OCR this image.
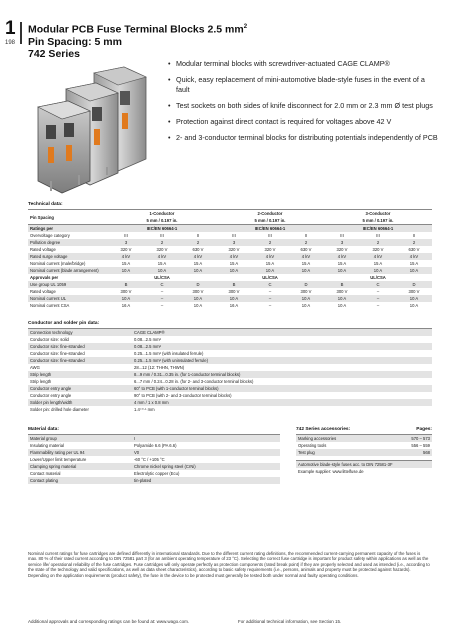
1
198
Modular PCB Fuse Terminal Blocks 2.5 $mm^2$
Pin Spacing: 5 mm
742 Series
• Modular terminal blocks with screwdriver-actuated CAGE CLAMP®
• Quick, easy replacement of mini-automotive blade-style fuses in the event of a fault
• Test sockets on both sides of knife disconnect for 2.0 mm or 2.3 mm Ø test plugs
• Protection against direct contact is required for voltages above 42 V
• 2- and 3-conductor terminal blocks for distributing potentials independently of PCB
Technical data:
Pin Spacing	1-Conductor			2-Conductor			3-Conductor		
	5 mm / 0.197 in.			5 mm / 0.197 in.			5 mm / 0.197 in.		
Ratings per	IEC/EN 60664-1			IEC/EN 60664-1			IEC/EN 60664-1		
Overvoltage category	III	III	II	III	III	II	III	III	II
Pollution degree	3	2	2	3	2	2	3	2	2
Rated voltage	320 V	320 V	630 V	320 V	320 V	630 V	320 V	320 V	630 V
Rated surge voltage	4 kV	4 kV	4 kV	4 kV	4 kV	4 kV	4 kV	4 kV	4 kV
Nominal current (male/bridge)	15 A	15 A	15 A	15 A	15 A	15 A	15 A	15 A	15 A
Nominal current (blade arrangement)	10 A	10 A	10 A	10 A	10 A	10 A	10 A	10 A	10 A
Approvals per	UL/CSA			UL/CSA			UL/CSA		
Use group UL 1059	B	C	D	B	C	D	B	C	D
Rated voltage	300 V	–	300 V	300 V	–	300 V	300 V	–	300 V
Nominal current UL	10 A	–	10 A	10 A	–	10 A	10 A	–	10 A
Nominal current CSA	16 A	–	10 A	16 A	–	10 A	10 A	–	10 A
Conductor and solder pin data:
Connection technology	CAGE CLAMP®
Conductor size: solid	0.08...2.5 mm²
Conductor size: fine-stranded	0.08...2.5 mm²
Conductor size: fine-stranded	0.25...1.5 mm² (with insulated ferrule)
Conductor size: fine-stranded	0.25...1.5 mm² (with uninsulated ferrule)
AWG	28...12 (12: THHN, THWN)
Strip length	8...9 mm / 0.31...0.35 in. (for 1-conductor terminal blocks)
Strip length	6...7 mm / 0.24...0.28 in. (for 2- and 3-conductor terminal blocks)
Conductor entry angle	60° to PCB (with 1-conductor terminal blocks)
Conductor entry angle	90° to PCB (with 2- and 3-conductor terminal blocks)
Solder pin length/width	4 mm / 1 x 0.8 mm
Solder pin: drilled hole diameter	1.4⁺⁰·¹ mm
Material data:
Material group	I
Insulating material	Polyamide 6.6 (PA 6.6)
Flammability rating per UL 94	V0
Lower/Upper limit temperature	-60 °C / +105 °C
Clamping spring material	Chrome nickel spring steel (CrNi)
Contact material	Electrolytic copper (Ecu)
Contact plating	tin-plated
742 Series accessories:	Pages:
Marking accessories	570 – 573
Operating tools	556 – 559
Test plug	568

Automotive blade-style fuses acc. to DIN 72581-3F	
Example supplier: www.littelfuse.de	
Nominal current ratings for fuse cartridges are defined differently in international standards. Due to the different current rating definitions, the recommended current-carrying permanent capacity of the fuses is max. 80 % of their rated current according to DIN 72581 part 3 (for an ambient operating temperature of 23 °C). Selecting the correct fuse cartridge is important for product safety within applications as well as the service life/ operational reliability of the fuse cartridges. Fuse cartridges will only operate perfectly as protection components (rated break point) if they are properly selected and used as intended (i.e., according to the state of the technology and valid specifications, as well as data sheet characteristics), according to basic safety requirements (i.e., persons, animals and property must be protected against hazards). Depending on the application requirements (product safety), the fuse in the device to be protected must generally be tested both under normal and faulty operating conditions.
Additional approvals and corresponding ratings can be found at: www.wago.com.	For additional technical information, see Section 15.
